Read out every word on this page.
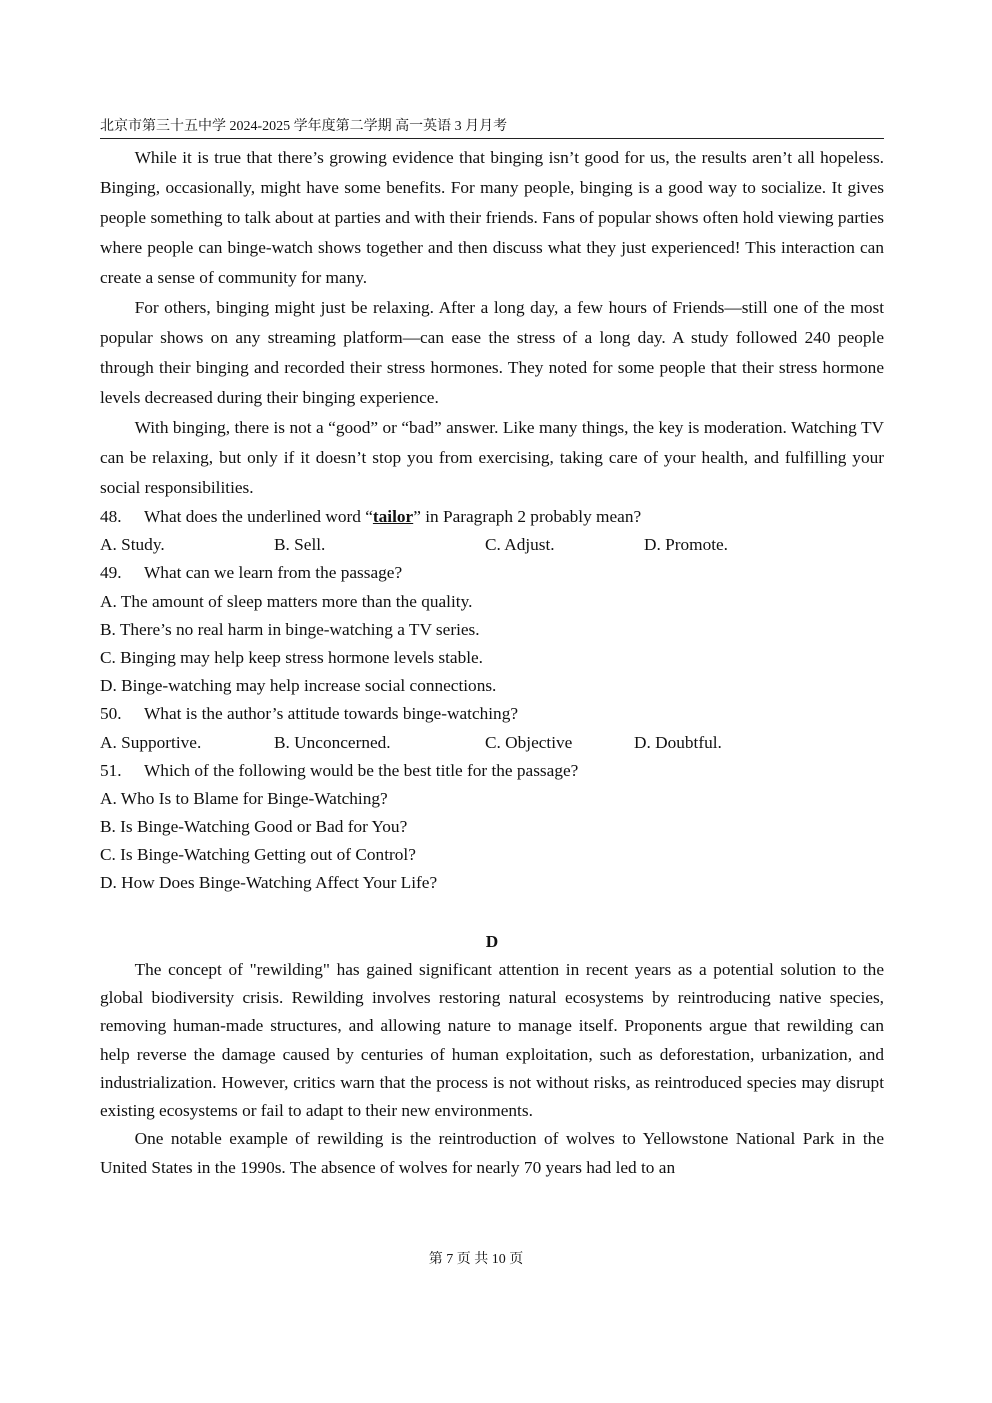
北京市第三十五中学 2024-2025 学年度第二学期 高一英语 3 月月考

While it is true that there’s growing evidence that binging isn’t good for us, the results aren’t all hopeless. Binging, occasionally, might have some benefits. For many people, binging is a good way to socialize. It gives people something to talk about at parties and with their friends. Fans of popular shows often hold viewing parties where people can binge-watch shows together and then discuss what they just experienced! This interaction can create a sense of community for many.

For others, binging might just be relaxing. After a long day, a few hours of Friends—still one of the most popular shows on any streaming platform—can ease the stress of a long day. A study followed 240 people through their binging and recorded their stress hormones. They noted for some people that their stress hormone levels decreased during their binging experience.

With binging, there is not a “good” or “bad” answer. Like many things, the key is moderation. Watching TV can be relaxing, but only if it doesn’t stop you from exercising, taking care of your health, and fulfilling your social responsibilities.

48. What does the underlined word “tailor” in Paragraph 2 probably mean?
A. Study.	B. Sell.	C. Adjust.	D. Promote.
49. What can we learn from the passage?
A. The amount of sleep matters more than the quality.
B. There’s no real harm in binge-watching a TV series.
C. Binging may help keep stress hormone levels stable.
D. Binge-watching may help increase social connections.
50. What is the author’s attitude towards binge-watching?
A. Supportive.	B. Unconcerned.	C. Objective	D. Doubtful.
51. Which of the following would be the best title for the passage?
A. Who Is to Blame for Binge-Watching?
B. Is Binge-Watching Good or Bad for You?
C. Is Binge-Watching Getting out of Control?
D. How Does Binge-Watching Affect Your Life?
D

The concept of "rewilding" has gained significant attention in recent years as a potential solution to the global biodiversity crisis. Rewilding involves restoring natural ecosystems by reintroducing native species, removing human-made structures, and allowing nature to manage itself. Proponents argue that rewilding can help reverse the damage caused by centuries of human exploitation, such as deforestation, urbanization, and industrialization. However, critics warn that the process is not without risks, as reintroduced species may disrupt existing ecosystems or fail to adapt to their new environments.

One notable example of rewilding is the reintroduction of wolves to Yellowstone National Park in the United States in the 1990s. The absence of wolves for nearly 70 years had led to an

第 7 页 共 10 页
